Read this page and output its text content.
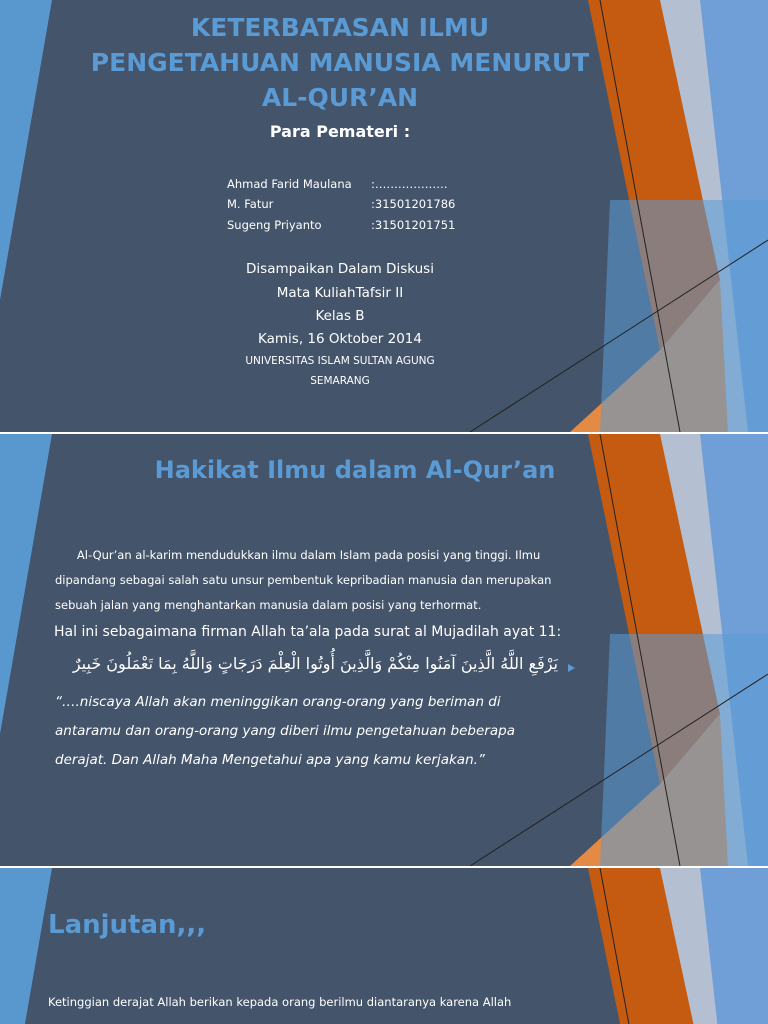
KETERBATASAN ILMU
PENGETAHUAN MANUSIA MENURUT
AL-QUR’AN
Para Pemateri :
Ahmad Farid Maulana :……………….
M. Fatur	:31501201786
Sugeng Priyanto	:31501201751
Disampaikan Dalam Diskusi
Mata KuliahTafsir II
Kelas B
Kamis, 16 Oktober 2014
UNIVERSITAS ISLAM SULTAN AGUNG
SEMARANG
Hakikat Ilmu dalam Al-Qur’an
Al-Qur’an al-karim mendudukkan ilmu dalam Islam pada posisi yang tinggi. Ilmu
dipandang sebagai salah satu unsur pembentuk kepribadian manusia dan merupakan
sebuah jalan yang menghantarkan manusia dalam posisi yang terhormat.
Hal ini sebagaimana firman Allah ta’ala pada surat al Mujadilah ayat 11:
يَرْفَعِ اللَّهُ الَّذِينَ آمَنُوا مِنْكُمْ وَالَّذِينَ أُوتُوا الْعِلْمَ دَرَجَاتٍ وَاللَّهُ بِمَا تَعْمَلُونَ خَبِيرٌ
“….niscaya Allah akan meninggikan orang-orang yang beriman di
antaramu dan orang-orang yang diberi ilmu pengetahuan beberapa
derajat. Dan Allah Maha Mengetahui apa yang kamu kerjakan.”
Lanjutan,,,
Ketinggian derajat Allah berikan kepada orang berilmu diantaranya karena Allah
